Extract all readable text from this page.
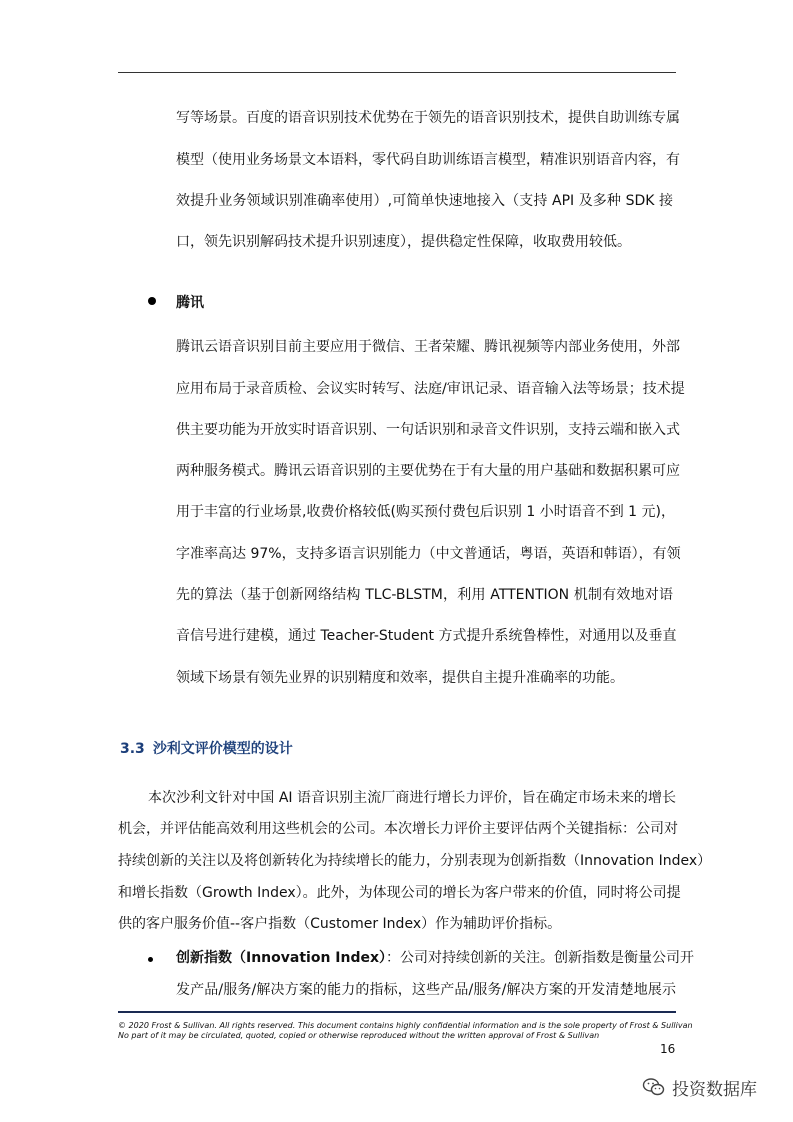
写等场景。百度的语音识别技术优势在于领先的语音识别技术，提供自助训练专属
模型（使用业务场景文本语料，零代码自助训练语言模型，精准识别语音内容，有
效提升业务领域识别准确率使用）,可简单快速地接入（支持 API 及多种 SDK 接
口，领先识别解码技术提升识别速度），提供稳定性保障，收取费用较低。
腾讯
腾讯云语音识别目前主要应用于微信、王者荣耀、腾讯视频等内部业务使用，外部
应用布局于录音质检、会议实时转写、法庭/审讯记录、语音输入法等场景；技术提
供主要功能为开放实时语音识别、一句话识别和录音文件识别，支持云端和嵌入式
两种服务模式。腾讯云语音识别的主要优势在于有大量的用户基础和数据积累可应
用于丰富的行业场景,收费价格较低(购买预付费包后识别 1 小时语音不到 1 元)，
字准率高达 97%，支持多语言识别能力（中文普通话，粤语，英语和韩语），有领
先的算法（基于创新网络结构 TLC-BLSTM，利用 ATTENTION 机制有效地对语
音信号进行建模，通过 Teacher-Student 方式提升系统鲁棒性，对通用以及垂直
领域下场景有领先业界的识别精度和效率，提供自主提升准确率的功能。
3.3 沙利文评价模型的设计
本次沙利文针对中国 AI 语音识别主流厂商进行增长力评价，旨在确定市场未来的增长
机会，并评估能高效利用这些机会的公司。本次增长力评价主要评估两个关键指标：公司对
持续创新的关注以及将创新转化为持续增长的能力，分别表现为创新指数（Innovation Index）
和增长指数（Growth Index）。此外，为体现公司的增长为客户带来的价值，同时将公司提
供的客户服务价值--客户指数（Customer Index）作为辅助评价指标。
创新指数（Innovation Index）：公司对持续创新的关注。创新指数是衡量公司开
发产品/服务/解决方案的能力的指标，这些产品/服务/解决方案的开发清楚地展示
© 2020 Frost & Sullivan. All rights reserved. This document contains highly confidential information and is the sole property of Frost & Sullivan
No part of it may be circulated, quoted, copied or otherwise reproduced without the written approval of Frost & Sullivan
16
投资数据库
